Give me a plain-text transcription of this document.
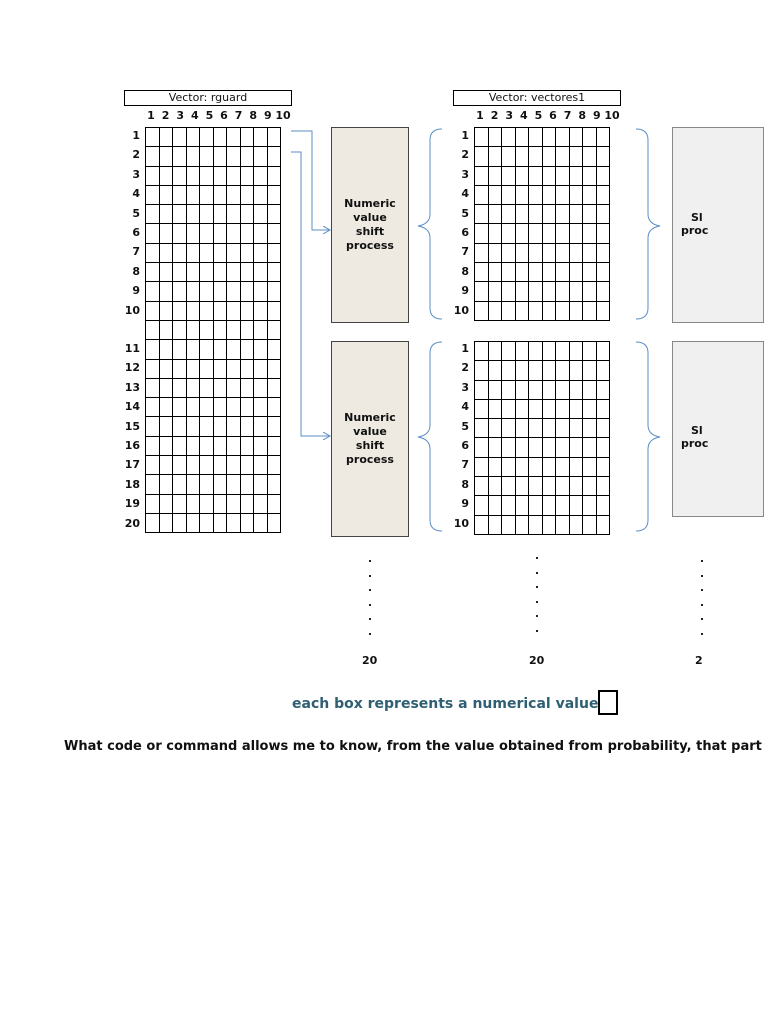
Vector: rguard
1 2 3 4 5 6 7 8 9 10
1
2
3
4
5
6
7
8
9
10
11
12
13
14
15
16
17
18
19
20

Numeric
value
shift
process
Numeric
value
shift
process
Vector: vectores1
1 2 3 4 5 6 7 8 9 10
1
2
3
4
5
6
7
8
9
10
1
2
3
4
5
6
7
8
9
10

Sl
proc
Sl
proc
20	20	2
each box represents a numerical value
What code or command allows me to know, from the value obtained from probability, that part
